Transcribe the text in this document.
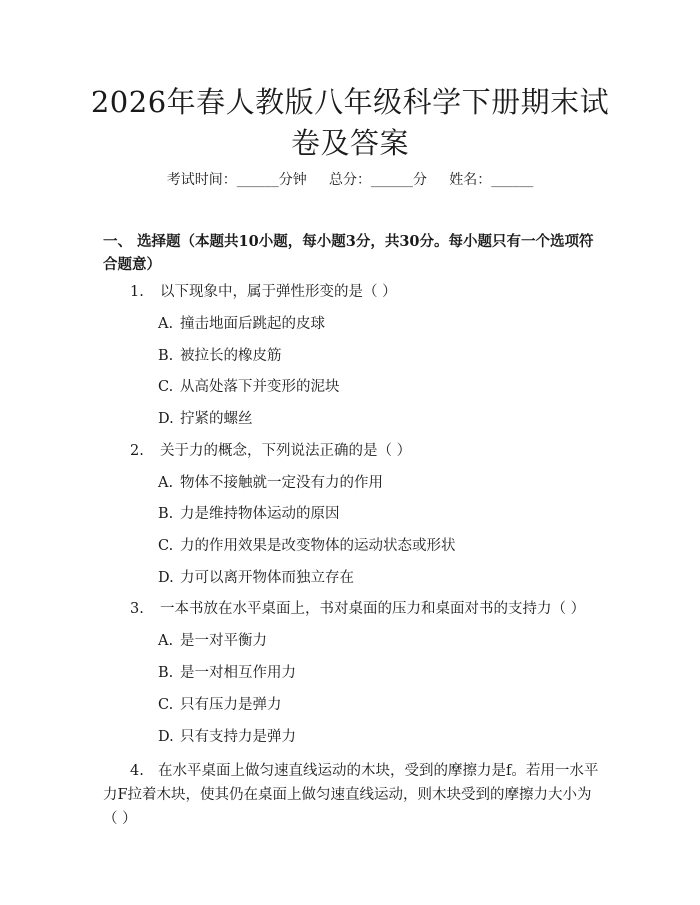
2026年春人教版八年级科学下册期末试卷及答案
考试时间：______分钟     总分：______分     姓名：______
一、 选择题（本题共10小题，每小题3分，共30分。每小题只有一个选项符合题意）
1. 以下现象中，属于弹性形变的是（ ）
A. 撞击地面后跳起的皮球
B. 被拉长的橡皮筋
C. 从高处落下并变形的泥块
D. 拧紧的螺丝
2. 关于力的概念，下列说法正确的是（ ）
A. 物体不接触就一定没有力的作用
B. 力是维持物体运动的原因
C. 力的作用效果是改变物体的运动状态或形状
D. 力可以离开物体而独立存在
3. 一本书放在水平桌面上，书对桌面的压力和桌面对书的支持力（ ）
A. 是一对平衡力
B. 是一对相互作用力
C. 只有压力是弹力
D. 只有支持力是弹力
4. 在水平桌面上做匀速直线运动的木块，受到的摩擦力是f。若用一水平力F拉着木块，使其仍在桌面上做匀速直线运动，则木块受到的摩擦力大小为（ ）
